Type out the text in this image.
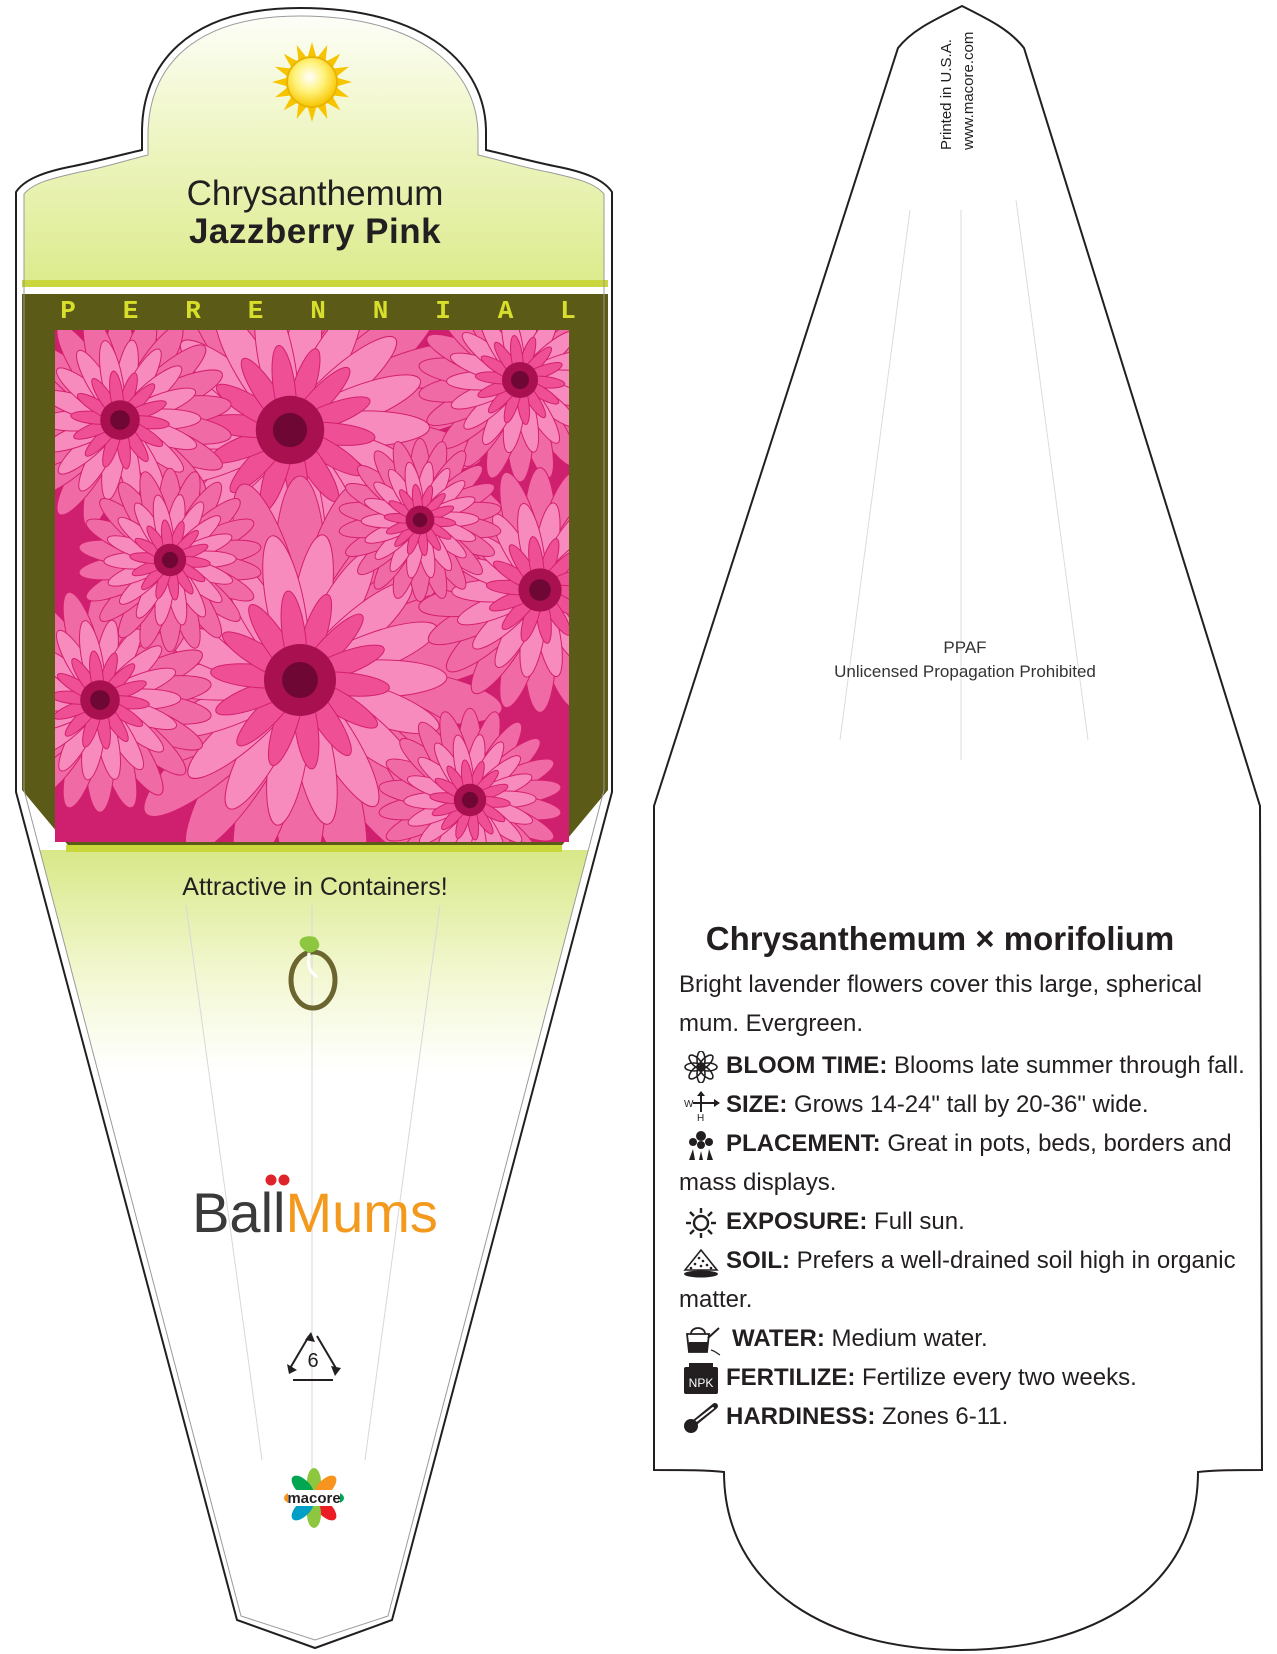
6
macore
Chrysanthemum
Jazzberry Pink
P E R E N N I A L
Attractive in Containers!
BallMums
Printed in U.S.A. www.macore.com
PPAF
Unlicensed Propagation Prohibited
Chrysanthemum × morifolium

Bright lavender flowers cover this large, spherical mum. Evergreen.

BLOOM TIME: Blooms late summer through fall.
W
H
SIZE: Grows 14-24" tall by 20-36" wide.
PLACEMENT: Great in pots, beds, borders and mass displays.
EXPOSURE: Full sun.
SOIL: Prefers a well-drained soil high in organic matter.
WATER: Medium water.
NPK FERTILIZE: Fertilize every two weeks.
HARDINESS: Zones 6-11.
